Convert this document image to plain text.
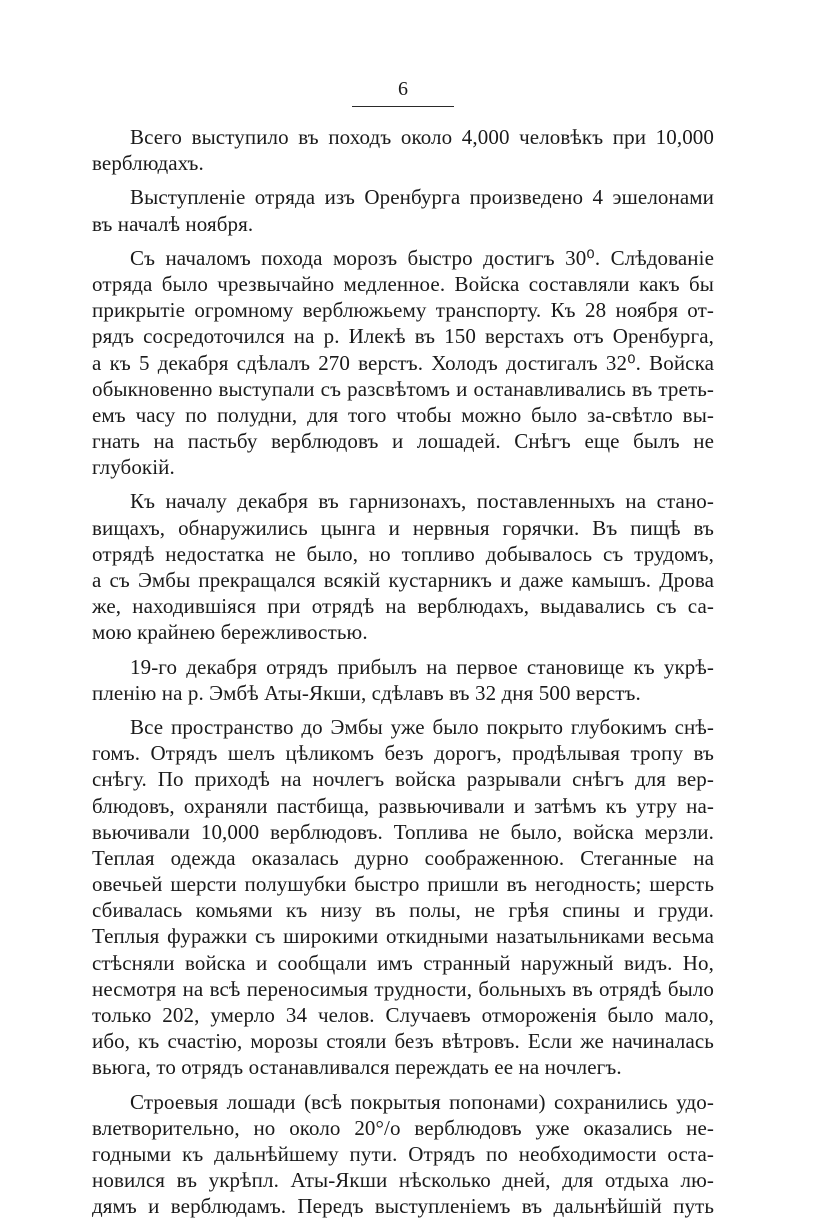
6
Всего выступило въ походъ около 4,000 человѣкъ при 10,000
верблюдахъ.
Выступленіе отряда изъ Оренбурга произведено 4 эшелонами
въ началѣ ноября.
Съ началомъ похода морозъ быстро достигъ 30⁰. Слѣдованіе
отряда было чрезвычайно медленное. Войска составляли какъ бы
прикрытіе огромному верблюжьему транспорту. Къ 28 ноября от-
рядъ сосредоточился на р. Илекѣ въ 150 верстахъ отъ Оренбурга,
а къ 5 декабря сдѣлалъ 270 верстъ. Холодъ достигалъ 32⁰. Войска
обыкновенно выступали съ разсвѣтомъ и останавливались въ треть-
емъ часу по полудни, для того чтобы можно было за-свѣтло вы-
гнать на пастьбу верблюдовъ и лошадей. Снѣгъ еще былъ не
глубокій.
Къ началу декабря въ гарнизонахъ, поставленныхъ на стано-
вищахъ, обнаружились цынга и нервныя горячки. Въ пищѣ въ
отрядѣ недостатка не было, но топливо добывалось съ трудомъ,
а съ Эмбы прекращался всякій кустарникъ и даже камышъ. Дрова
же, находившіяся при отрядѣ на верблюдахъ, выдавались съ са-
мою крайнею бережливостью.
19-го декабря отрядъ прибылъ на первое становище къ укрѣ-
пленію на р. Эмбѣ Аты-Якши, сдѣлавъ въ 32 дня 500 верстъ.
Все пространство до Эмбы уже было покрыто глубокимъ снѣ-
гомъ. Отрядъ шелъ цѣликомъ безъ дорогъ, продѣлывая тропу въ
снѣгу. По приходѣ на ночлегъ войска разрывали снѣгъ для вер-
блюдовъ, охраняли пастбища, развьючивали и затѣмъ къ утру на-
вьючивали 10,000 верблюдовъ. Топлива не было, войска мерзли.
Теплая одежда оказалась дурно соображенною. Стеганные на
овечьей шерсти полушубки быстро пришли въ негодность; шерсть
сбивалась комьями къ низу въ полы, не грѣя спины и груди.
Теплыя фуражки съ широкими откидными назатыльниками весьма
стѣсняли войска и сообщали имъ странный наружный видъ. Но,
несмотря на всѣ переносимыя трудности, больныхъ въ отрядѣ было
только 202, умерло 34 челов. Случаевъ отмороженія было мало,
ибо, къ счастію, морозы стояли безъ вѣтровъ. Если же начиналась
вьюга, то отрядъ останавливался переждать ее на ночлегъ.
Строевыя лошади (всѣ покрытыя попонами) сохранились удо-
влетворительно, но около 20°/о верблюдовъ уже оказались не-
годными къ дальнѣйшему пути. Отрядъ по необходимости оста-
новился въ укрѣпл. Аты-Якши нѣсколько дней, для отдыха лю-
дямъ и верблюдамъ. Передъ выступленіемъ въ дальнѣйшій путь
